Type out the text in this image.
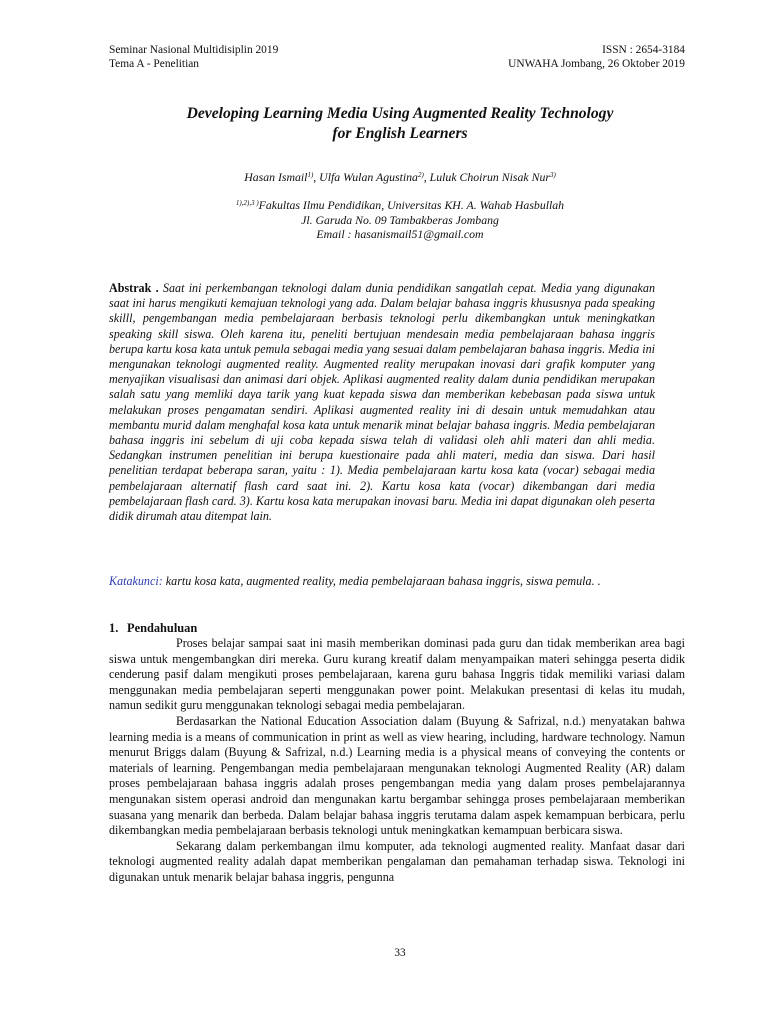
Seminar Nasional Multidisiplin 2019
Tema A - Penelitian
ISSN : 2654-3184
UNWAHA Jombang, 26 Oktober 2019
Developing Learning Media Using Augmented Reality Technology
for English Learners
Hasan Ismail$^{1)}$, Ulfa Wulan Agustina$^{2)}$, Luluk Choirun Nisak Nur$^{3)}$
$^{1),2),3 )}$Fakultas Ilmu Pendidikan, Universitas KH. A. Wahab Hasbullah
Jl. Garuda No. 09 Tambakberas Jombang
Email : hasanismail51@gmail.com
Abstrak . Saat ini perkembangan teknologi dalam dunia pendidikan sangatlah cepat. Media yang digunakan saat ini harus mengikuti kemajuan teknologi yang ada. Dalam belajar bahasa inggris khususnya pada speaking skilll, pengembangan media pembelajaraan berbasis teknologi perlu dikembangkan untuk meningkatkan speaking skill siswa. Oleh karena itu, peneliti bertujuan mendesain media pembelajaraan bahasa inggris berupa kartu kosa kata untuk pemula sebagai media yang sesuai dalam pembelajaran bahasa inggris. Media ini mengunakan teknologi augmented reality. Augmented reality merupakan inovasi dari grafik komputer yang menyajikan visualisasi dan animasi dari objek. Aplikasi augmented reality dalam dunia pendidikan merupakan salah satu yang memliki daya tarik yang kuat kepada siswa dan memberikan kebebasan pada siswa untuk melakukan proses pengamatan sendiri. Aplikasi augmented reality ini di desain untuk memudahkan atau membantu murid dalam menghafal kosa kata untuk menarik minat belajar bahasa inggris. Media pembelajaran bahasa inggris ini sebelum di uji coba kepada siswa telah di validasi oleh ahli materi dan ahli media. Sedangkan instrumen penelitian ini berupa kuestionaire pada ahli materi, media dan siswa. Dari hasil penelitian terdapat beberapa saran, yaitu : 1). Media pembelajaraan kartu kosa kata (vocar) sebagai media pembelajaraan alternatif flash card saat ini. 2). Kartu kosa kata (vocar) dikembangan dari media pembelajaraan flash card. 3). Kartu kosa kata merupakan inovasi baru. Media ini dapat digunakan oleh peserta didik dirumah atau ditempat lain.
Katakunci: kartu kosa kata, augmented reality, media pembelajaraan bahasa inggris, siswa pemula. .
1. Pendahuluan

Proses belajar sampai saat ini masih memberikan dominasi pada guru dan tidak memberikan area bagi siswa untuk mengembangkan diri mereka. Guru kurang kreatif dalam menyampaikan materi sehingga peserta didik cenderung pasif dalam mengikuti proses pembelajaraan, karena guru bahasa Inggris tidak memiliki variasi dalam menggunakan media pembelajaran seperti menggunakan power point. Melakukan presentasi di kelas itu mudah, namun sedikit guru menggunakan teknologi sebagai media pembelajaran.

Berdasarkan the National Education Association dalam (Buyung & Safrizal, n.d.) menyatakan bahwa learning media is a means of communication in print as well as view hearing, including, hardware technology. Namun menurut Briggs dalam (Buyung & Safrizal, n.d.) Learning media is a physical means of conveying the contents or materials of learning. Pengembangan media pembelajaraan mengunakan teknologi Augmented Reality (AR) dalam proses pembelajaraan bahasa inggris adalah proses pengembangan media yang dalam proses pembelajarannya mengunakan sistem operasi android dan mengunakan kartu bergambar sehingga proses pembelajaraan memberikan suasana yang menarik dan berbeda. Dalam belajar bahasa inggris terutama dalam aspek kemampuan berbicara, perlu dikembangkan media pembelajaraan berbasis teknologi untuk meningkatkan kemampuan berbicara siswa.

Sekarang dalam perkembangan ilmu komputer, ada teknologi augmented reality. Manfaat dasar dari teknologi augmented reality adalah dapat memberikan pengalaman dan pemahaman terhadap siswa. Teknologi ini digunakan untuk menarik belajar bahasa inggris, pengunna

33
